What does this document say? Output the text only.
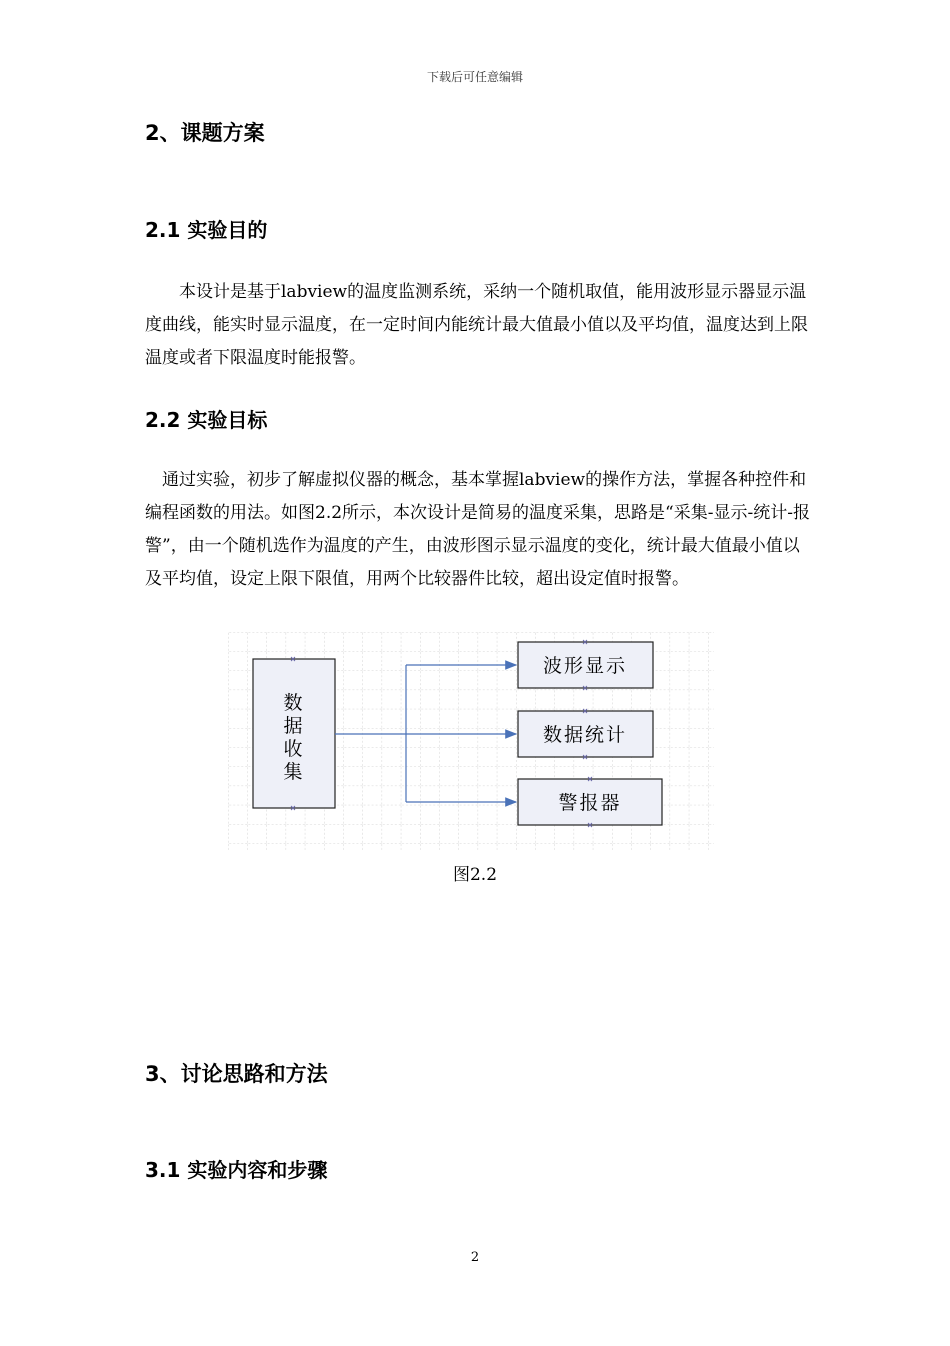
下载后可任意编辑
2、课题方案
2.1 实验目的

本设计是基于labview的温度监测系统，采纳一个随机取值，能用波形显示器显示温度曲线，能实时显示温度，在一定时间内能统计最大值最小值以及平均值，温度达到上限温度或者下限温度时能报警。

2.2 实验目标

通过实验，初步了解虚拟仪器的概念，基本掌握labview的操作方法，掌握各种控件和编程函数的用法。如图2.2所示，本次设计是简易的温度采集，思路是“采集-显示-统计-报警”，由一个随机选作为温度的产生，由波形图示显示温度的变化，统计最大值最小值以及平均值，设定上限下限值，用两个比较器件比较，超出设定值时报警。

数
据
收
集
波形显示
数据统计
警报器
图2.2
3、讨论思路和方法
3.1 实验内容和步骤
2
